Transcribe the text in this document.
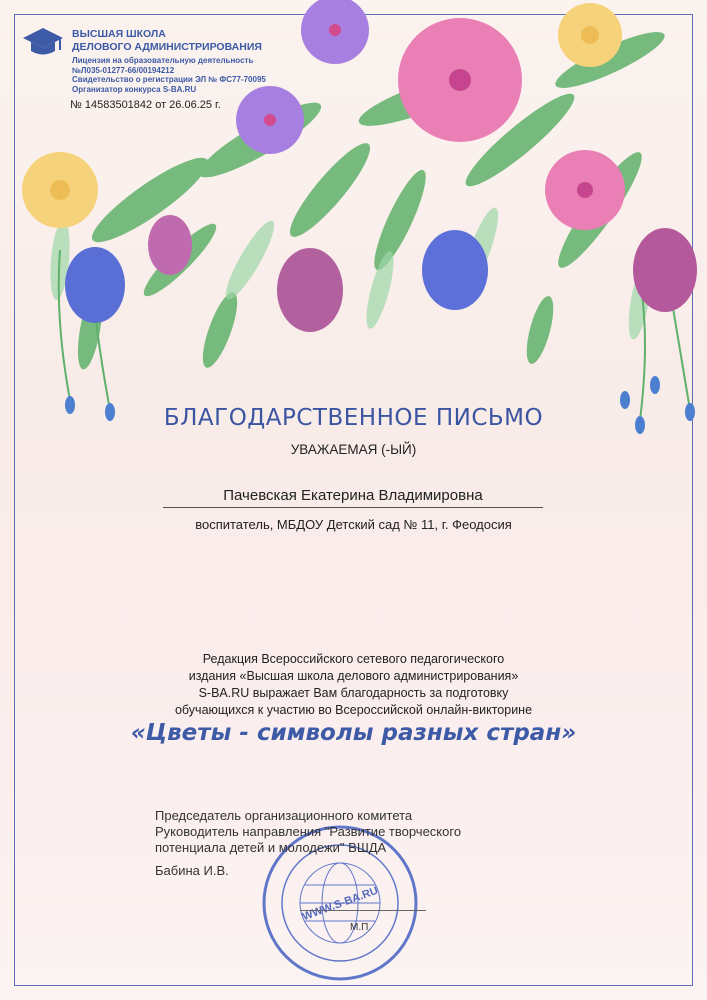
ВЫСШАЯ ШКОЛА
ДЕЛОВОГО АДМИНИСТРИРОВАНИЯ
Лицензия на образовательную деятельность
№Л035-01277-66/00194212
Свидетельство о регистрации ЭЛ № ФС77-70095
Организатор конкурса S-BA.RU
№ 14583501842 от 26.06.25 г.
БЛАГОДАРСТВЕННОЕ ПИСЬМО
УВАЖАЕМАЯ (-ЫЙ)
Пачевская Екатерина Владимировна
воспитатель, МБДОУ Детский сад № 11, г. Феодосия
Редакция Всероссийского сетевого педагогического
издания «Высшая школа делового администрирования»
S-BA.RU выражает Вам благодарность за подготовку
обучающихся к участию во Всероссийской онлайн-викторине
«Цветы - символы разных стран»
WWW.S-BA.RU
Председатель организационного комитета
Руководитель направления "Развитие творческого
потенциала детей и молодежи" ВШДА
Бабина И.В.
М.П.
